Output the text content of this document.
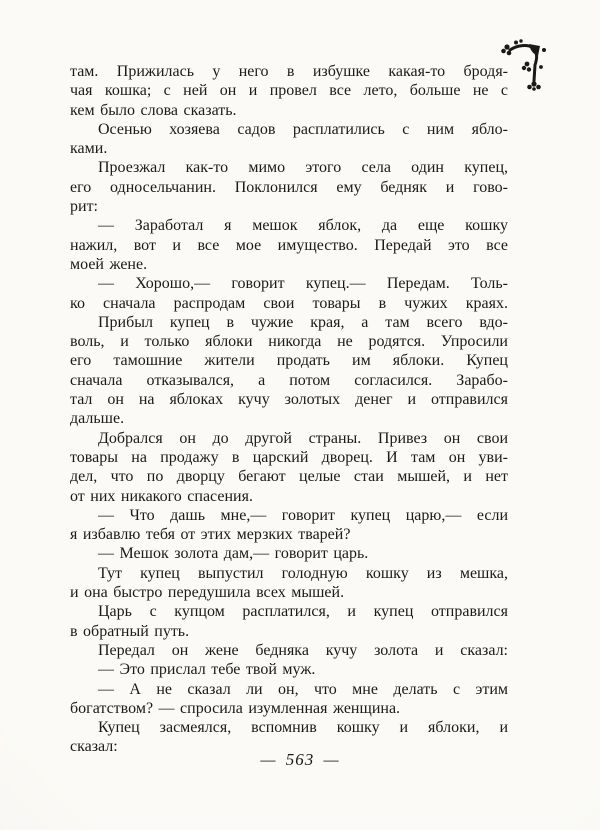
там. Прижилась у него в избушке какая-то бродя-
чая кошка; с ней он и провел все лето, больше не с
кем было слова сказать.
Осенью хозяева садов расплатились с ним ябло-
ками.
Проезжал как-то мимо этого села один купец,
его односельчанин. Поклонился ему бедняк и гово-
рит:
— Заработал я мешок яблок, да еще кошку
нажил, вот и все мое имущество. Передай это все
моей жене.
— Хорошо,— говорит купец.— Передам. Толь-
ко сначала распродам свои товары в чужих краях.
Прибыл купец в чужие края, а там всего вдо-
воль, и только яблоки никогда не родятся. Упросили
его тамошние жители продать им яблоки. Купец
сначала отказывался, а потом согласился. Зарабо-
тал он на яблоках кучу золотых денег и отправился
дальше.
Добрался он до другой страны. Привез он свои
товары на продажу в царский дворец. И там он уви-
дел, что по дворцу бегают целые стаи мышей, и нет
от них никакого спасения.
— Что дашь мне,— говорит купец царю,— если
я избавлю тебя от этих мерзких тварей?
— Мешок золота дам,— говорит царь.
Тут купец выпустил голодную кошку из мешка,
и она быстро передушила всех мышей.
Царь с купцом расплатился, и купец отправился
в обратный путь.
Передал он жене бедняка кучу золота и сказал:
— Это прислал тебе твой муж.
— А не сказал ли он, что мне делать с этим
богатством? — спросила изумленная женщина.
Купец засмеялся, вспомнив кошку и яблоки, и
сказал:
— 563 —
